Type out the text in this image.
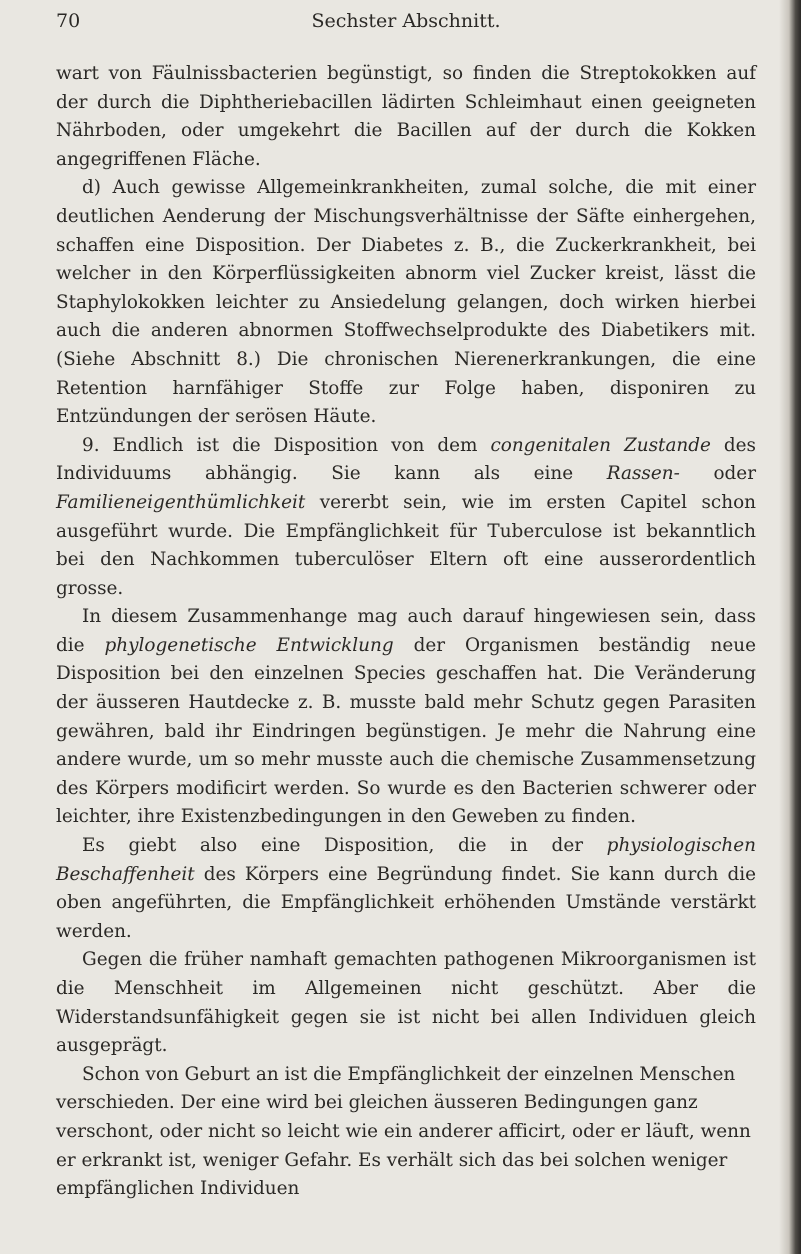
70	Sechster Abschnitt.

wart von Fäulnissbacterien begünstigt, so finden die Streptokokken auf der durch die Diphtheriebacillen lädirten Schleimhaut einen geeigneten Nährboden, oder umgekehrt die Bacillen auf der durch die Kokken angegriffenen Fläche.

d) Auch gewisse Allgemeinkrankheiten, zumal solche, die mit einer deutlichen Aenderung der Mischungsverhältnisse der Säfte einhergehen, schaffen eine Disposition. Der Diabetes z. B., die Zuckerkrankheit, bei welcher in den Körperflüssigkeiten abnorm viel Zucker kreist, lässt die Staphylokokken leichter zu Ansiedelung gelangen, doch wirken hierbei auch die anderen abnormen Stoffwechselprodukte des Diabetikers mit. (Siehe Abschnitt 8.) Die chronischen Nierenerkrankungen, die eine Retention harnfähiger Stoffe zur Folge haben, disponiren zu Entzündungen der serösen Häute.

9. Endlich ist die Disposition von dem congenitalen Zustande des Individuums abhängig. Sie kann als eine Rassen- oder Familieneigenthümlichkeit vererbt sein, wie im ersten Capitel schon ausgeführt wurde. Die Empfänglichkeit für Tuberculose ist bekanntlich bei den Nachkommen tuberculöser Eltern oft eine ausserordentlich grosse.

In diesem Zusammenhange mag auch darauf hingewiesen sein, dass die phylogenetische Entwicklung der Organismen beständig neue Disposition bei den einzelnen Species geschaffen hat. Die Veränderung der äusseren Hautdecke z. B. musste bald mehr Schutz gegen Parasiten gewähren, bald ihr Eindringen begünstigen. Je mehr die Nahrung eine andere wurde, um so mehr musste auch die chemische Zusammensetzung des Körpers modificirt werden. So wurde es den Bacterien schwerer oder leichter, ihre Existenzbedingungen in den Geweben zu finden.

Es giebt also eine Disposition, die in der physiologischen Beschaffenheit des Körpers eine Begründung findet. Sie kann durch die oben angeführten, die Empfänglichkeit erhöhenden Umstände verstärkt werden.

Gegen die früher namhaft gemachten pathogenen Mikroorganismen ist die Menschheit im Allgemeinen nicht geschützt. Aber die Widerstandsunfähigkeit gegen sie ist nicht bei allen Individuen gleich ausgeprägt.

Schon von Geburt an ist die Empfänglichkeit der einzelnen Menschen verschieden. Der eine wird bei gleichen äusseren Bedingungen ganz verschont, oder nicht so leicht wie ein anderer afficirt, oder er läuft, wenn er erkrankt ist, weniger Gefahr. Es verhält sich das bei solchen weniger empfänglichen Individuen
